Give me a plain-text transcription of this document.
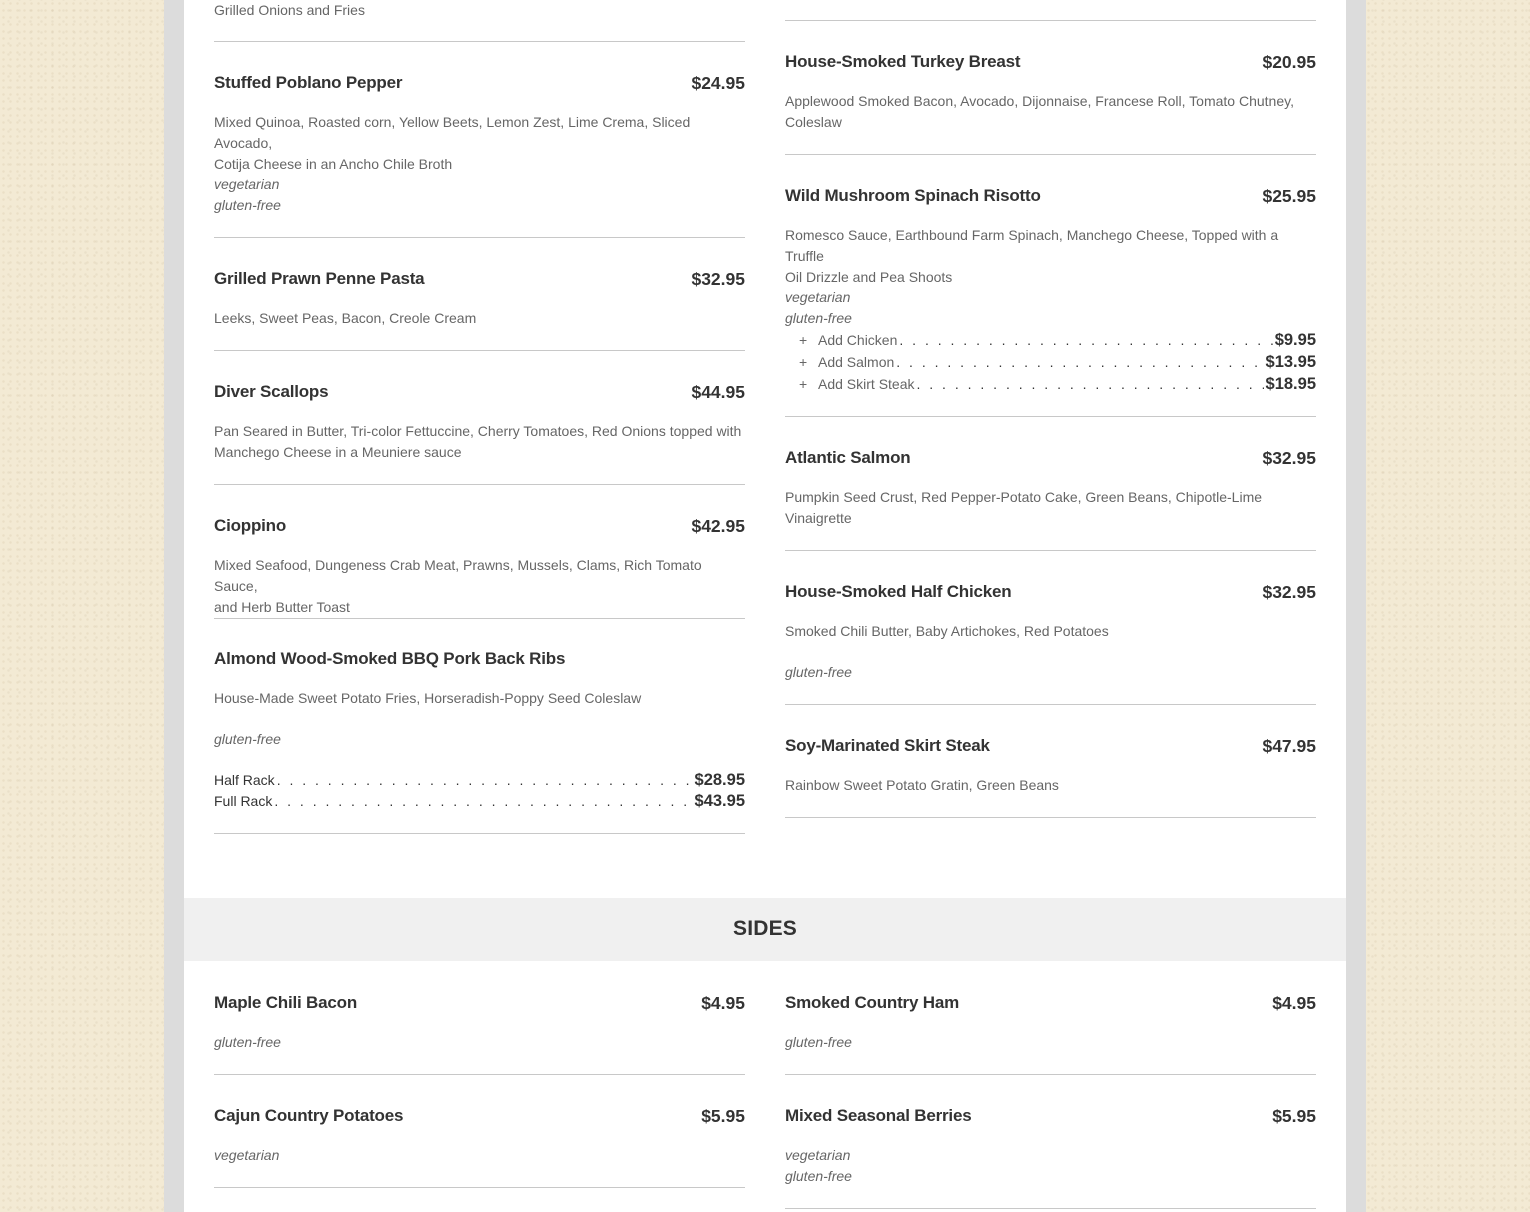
Grilled Onions and Fries
Stuffed Poblano Pepper	$24.95
Mixed Quinoa, Roasted corn, Yellow Beets, Lemon Zest, Lime Crema, Sliced Avocado,
Cotija Cheese in an Ancho Chile Broth
vegetarian
gluten-free
Grilled Prawn Penne Pasta	$32.95
Leeks, Sweet Peas, Bacon, Creole Cream
Diver Scallops	$44.95
Pan Seared in Butter, Tri-color Fettuccine, Cherry Tomatoes, Red Onions topped with
Manchego Cheese in a Meuniere sauce
Cioppino	$42.95
Mixed Seafood, Dungeness Crab Meat, Prawns, Mussels, Clams, Rich Tomato Sauce,
and Herb Butter Toast
Almond Wood-Smoked BBQ Pork Back Ribs
House-Made Sweet Potato Fries, Horseradish-Poppy Seed Coleslaw
gluten-free
Half Rack . . .	$28.95
Full Rack . . .	$43.95
House-Smoked Turkey Breast	$20.95
Applewood Smoked Bacon, Avocado, Dijonnaise, Francese Roll, Tomato Chutney,
Coleslaw
Wild Mushroom Spinach Risotto	$25.95
Romesco Sauce, Earthbound Farm Spinach, Manchego Cheese, Topped with a Truffle
Oil Drizzle and Pea Shoots
vegetarian
gluten-free
+ Add Chicken . . .	$9.95
+ Add Salmon . . .	$13.95
+ Add Skirt Steak . . .	$18.95
Atlantic Salmon	$32.95
Pumpkin Seed Crust, Red Pepper-Potato Cake, Green Beans, Chipotle-Lime
Vinaigrette
House-Smoked Half Chicken	$32.95
Smoked Chili Butter, Baby Artichokes, Red Potatoes
gluten-free
Soy-Marinated Skirt Steak	$47.95
Rainbow Sweet Potato Gratin, Green Beans
SIDES
Maple Chili Bacon	$4.95
gluten-free
Cajun Country Potatoes	$5.95
vegetarian
Smoked Country Ham	$4.95
gluten-free
Mixed Seasonal Berries	$5.95
vegetarian
gluten-free
